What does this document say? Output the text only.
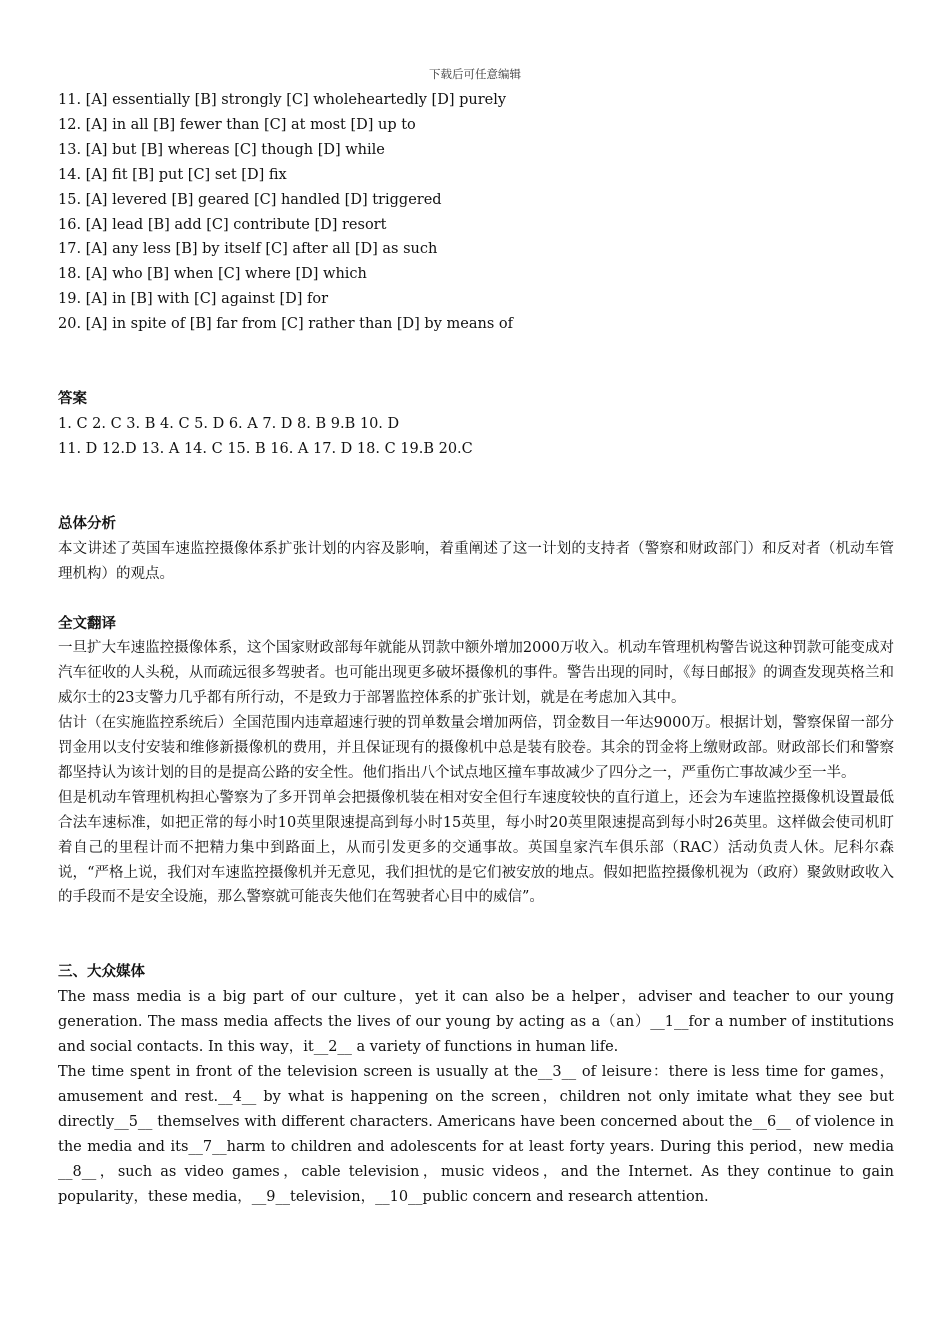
下载后可任意编辑
11. [A] essentially [B] strongly [C] wholeheartedly [D] purely
12. [A] in all [B] fewer than [C] at most [D] up to
13. [A] but [B] whereas [C] though [D] while
14. [A] fit [B] put [C] set [D] fix
15. [A] levered [B] geared [C] handled [D] triggered
16. [A] lead [B] add [C] contribute [D] resort
17. [A] any less [B] by itself [C] after all [D] as such
18. [A] who [B] when [C] where [D] which
19. [A] in [B] with [C] against [D] for
20. [A] in spite of [B] far from [C] rather than [D] by means of
答案
1. C 2. C 3. B 4. C 5. D 6. A 7. D 8. B 9.B 10. D
11. D 12.D 13. A 14. C 15. B 16. A 17. D 18. C 19.B 20.C
总体分析
本文讲述了英国车速监控摄像体系扩张计划的内容及影响，着重阐述了这一计划的支持者（警察和财政部门）和反对者（机动车管理机构）的观点。
全文翻译
一旦扩大车速监控摄像体系，这个国家财政部每年就能从罚款中额外增加2000万收入。机动车管理机构警告说这种罚款可能变成对汽车征收的人头税，从而疏远很多驾驶者。也可能出现更多破坏摄像机的事件。警告出现的同时，《每日邮报》的调查发现英格兰和威尔士的23支警力几乎都有所行动，不是致力于部署监控体系的扩张计划，就是在考虑加入其中。
估计（在实施监控系统后）全国范围内违章超速行驶的罚单数量会增加两倍，罚金数目一年达9000万。根据计划，警察保留一部分罚金用以支付安装和维修新摄像机的费用，并且保证现有的摄像机中总是装有胶卷。其余的罚金将上缴财政部。财政部长们和警察都坚持认为该计划的目的是提高公路的安全性。他们指出八个试点地区撞车事故减少了四分之一，严重伤亡事故减少至一半。
但是机动车管理机构担心警察为了多开罚单会把摄像机装在相对安全但行车速度较快的直行道上，还会为车速监控摄像机设置最低合法车速标准，如把正常的每小时10英里限速提高到每小时15英里，每小时20英里限速提高到每小时26英里。这样做会使司机盯着自己的里程计而不把精力集中到路面上，从而引发更多的交通事故。英国皇家汽车俱乐部（RAC）活动负责人休。尼科尔森说，“严格上说，我们对车速监控摄像机并无意见，我们担忧的是它们被安放的地点。假如把监控摄像机视为（政府）聚敛财政收入的手段而不是安全设施，那么警察就可能丧失他们在驾驶者心目中的威信”。
三、大众媒体
The mass media is a big part of our culture，yet it can also be a helper，adviser and teacher to our young generation. The mass media affects the lives of our young by acting as a（an）__1__for a number of institutions and social contacts. In this way，it__2__ a variety of functions in human life.
The time spent in front of the television screen is usually at the__3__ of leisure：there is less time for games，amusement and rest.__4__ by what is happening on the screen，children not only imitate what they see but directly__5__ themselves with different characters. Americans have been concerned about the__6__ of violence in the media and its__7__harm to children and adolescents for at least forty years. During this period，new media __8__，such as video games，cable television，music videos，and the Internet. As they continue to gain popularity，these media，__9__television，__10__public concern and research attention.
